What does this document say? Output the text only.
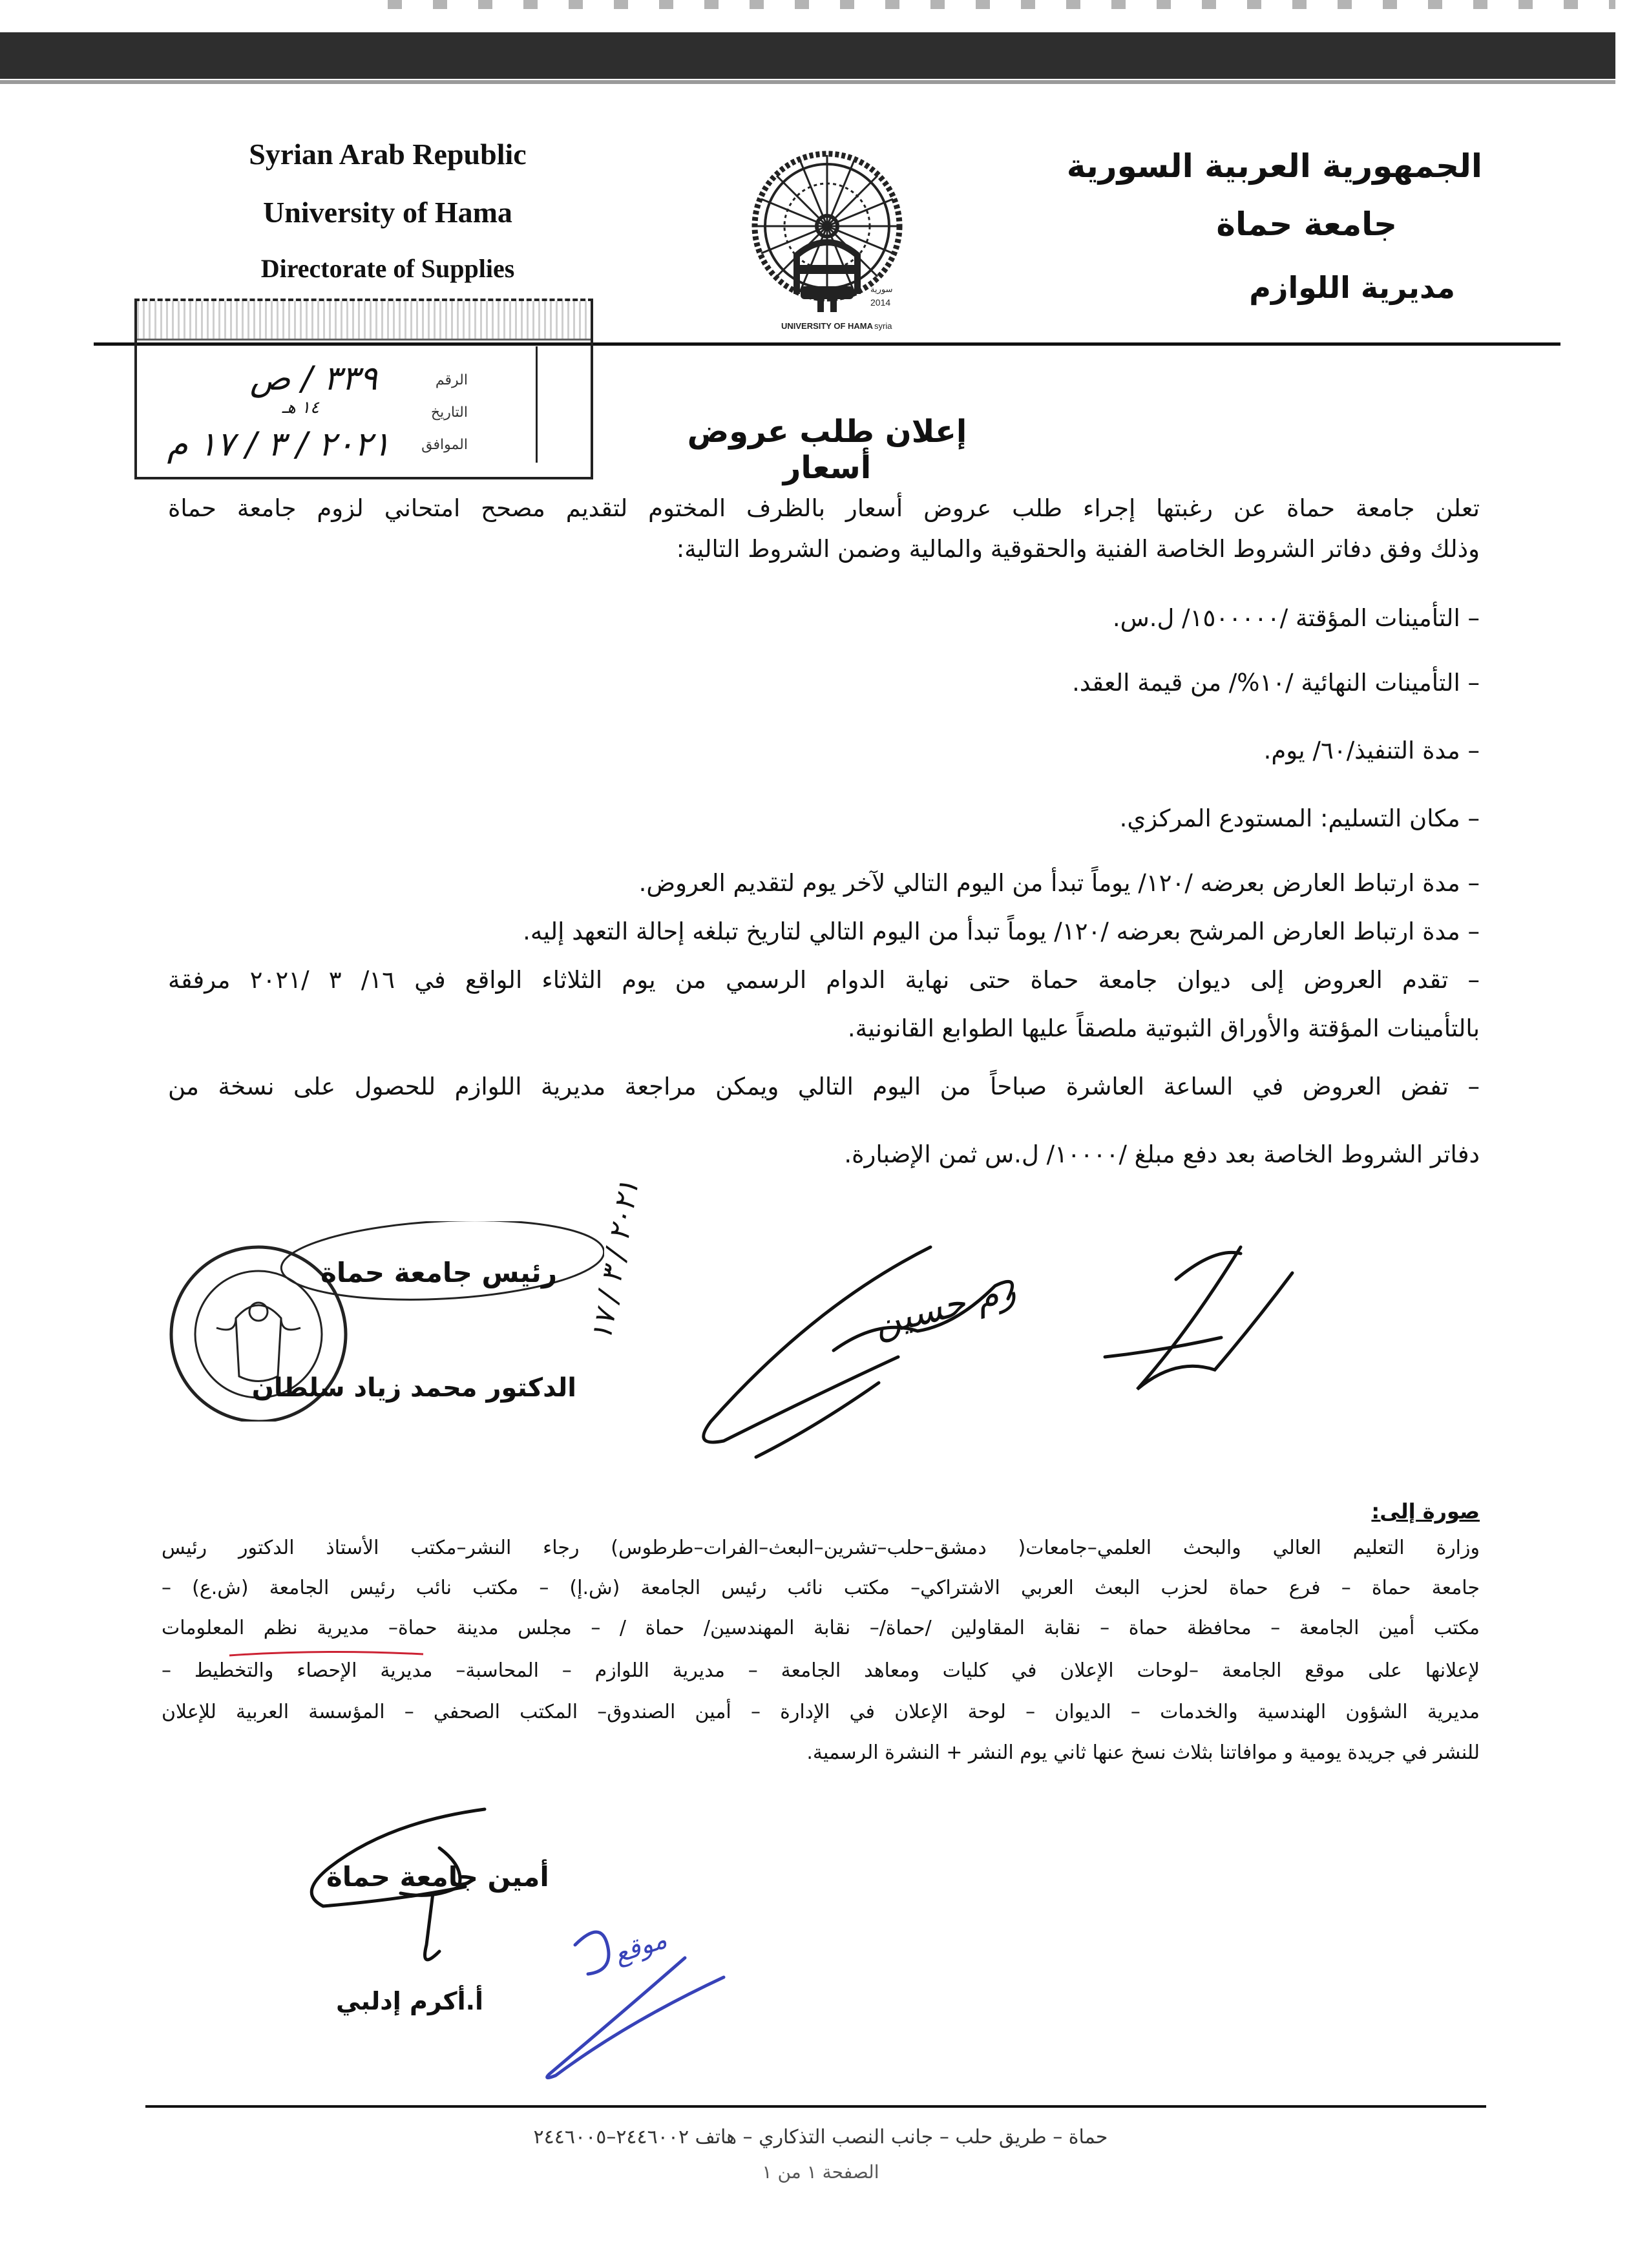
Syrian Arab Republic
University of Hama
Directorate of Supplies
الجمهورية العربية السورية
جامعة حماة
مديرية اللوازم
UNIVERSITY OF HAMA
2014
syria
سورية
الرقم
التاريخ
الموافق
٣٣٩ / ص
١٤ هـ
٢٠٢١ / ٣ / ١٧ م	إعلان طلب عروض أسعار
تعلن جامعة حماة عن رغبتها إجراء طلب عروض أسعار بالظرف المختوم لتقديم مصحح امتحاني لزوم جامعة حماة
وذلك وفق دفاتر الشروط الخاصة الفنية والحقوقية والمالية وضمن الشروط التالية:
– التأمينات المؤقتة /١٥٠٠٠٠٠/ ل.س.
– التأمينات النهائية /١٠%/ من قيمة العقد.
– مدة التنفيذ/٦٠/ يوم.
– مكان التسليم: المستودع المركزي.
– مدة ارتباط العارض بعرضه /١٢٠/ يوماً تبدأ من اليوم التالي لآخر يوم لتقديم العروض.
– مدة ارتباط العارض المرشح بعرضه /١٢٠/ يوماً تبدأ من اليوم التالي لتاريخ تبلغه إحالة التعهد إليه.
– تقدم العروض إلى ديوان جامعة حماة حتى نهاية الدوام الرسمي من يوم الثلاثاء الواقع في ١٦/ ٣ /٢٠٢١ مرفقة
بالتأمينات المؤقتة والأوراق الثبوتية ملصقاً عليها الطوابع القانونية.
– تفض العروض في الساعة العاشرة صباحاً من اليوم التالي ويمكن مراجعة مديرية اللوازم للحصول على نسخة من
دفاتر الشروط الخاصة بعد دفع مبلغ /١٠٠٠٠/ ل.س ثمن الإضبارة.
رئيس جامعة حماة
الدكتور محمد زياد سلطان
٢٠٢١ / ٣ / ١٧
رم حسين
صورة إلى:
وزارة التعليم العالي والبحث العلمي–جامعات( دمشق–حلب–تشرين–البعث–الفرات–طرطوس) رجاء النشر–مكتب الأستاذ الدكتور رئيس
جامعة حماة – فرع حماة لحزب البعث العربي الاشتراكي– مكتب نائب رئيس الجامعة (ش.إ) – مكتب نائب رئيس الجامعة (ش.ع) –
مكتب أمين الجامعة – محافظة حماة – نقابة المقاولين /حماة/– نقابة المهندسين/ حماة / – مجلس مدينة حماة– مديرية نظم المعلومات
لإعلانها على موقع الجامعة –لوحات الإعلان في كليات ومعاهد الجامعة – مديرية اللوازم – المحاسبة– مديرية الإحصاء والتخطيط –
مديرية الشؤون الهندسية والخدمات – الديوان – لوحة الإعلان في الإدارة – أمين الصندوق– المكتب الصحفي – المؤسسة العربية للإعلان
للنشر في جريدة يومية و موافاتنا بثلاث نسخ عنها ثاني يوم النشر + النشرة الرسمية.
أمين جامعة حماة
أ.أكرم إدلبي
موقع
حماة – طريق حلب – جانب النصب التذكاري – هاتف ٢٤٤٦٠٠٢–٢٤٤٦٠٠٥
الصفحة ١ من ١
